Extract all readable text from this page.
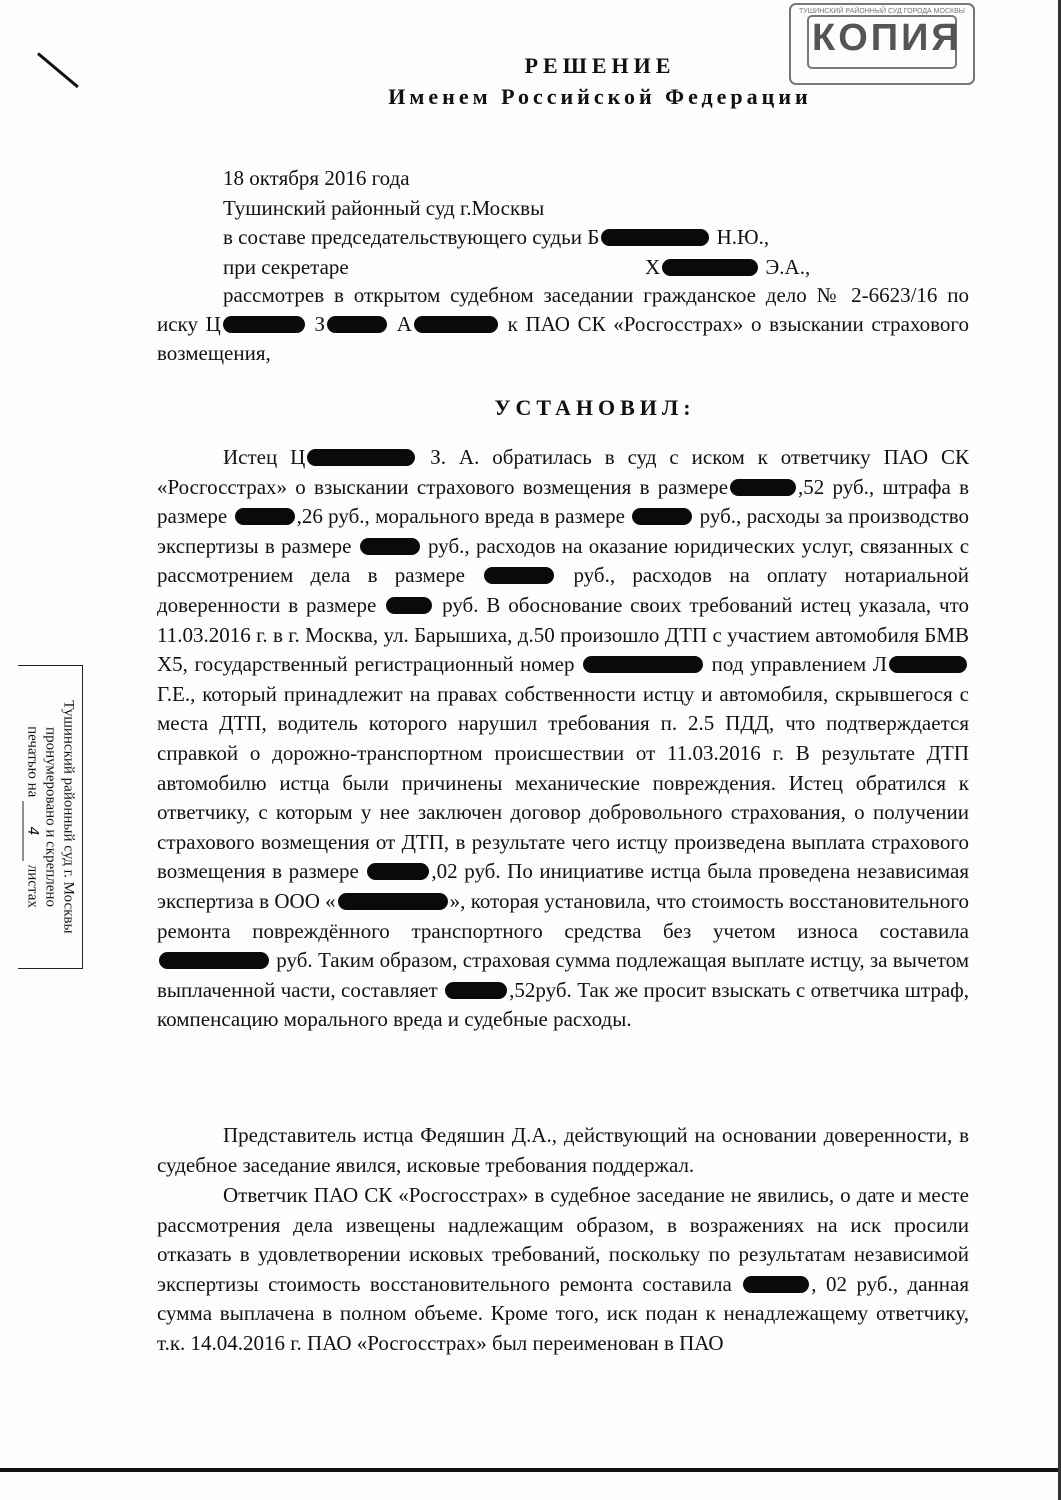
ТУШИНСКИЙ РАЙОННЫЙ СУД ГОРОДА МОСКВЫ
КОПИЯ
РЕШЕНИЕ
Именем Российской Федерации
18 октября 2016 года
Тушинский районный суд г.Москвы
в составе председательствующего судьи Б	Н.Ю.,
при секретаре	Х	Э.А.,

рассмотрев в открытом судебном заседании гражданское дело № 2-6623/16 по иску Ц	З	А	к ПАО СК «Росгосстрах» о взыскании страхового возмещения,

УСТАНОВИЛ:

Истец Ц	З. А. обратилась в суд с иском к ответчику ПАО СК «Росгосстрах» о взыскании страхового возмещения в размере	,52 руб., штрафа в размере	,26 руб., морального вреда в размере	руб., расходы за производство экспертизы в размере	руб., расходов на оказание юридических услуг, связанных с рассмотрением дела в размере	руб., расходов на оплату нотариальной доверенности в размере	руб. В обоснование своих требований истец указала, что 11.03.2016 г. в г. Москва, ул. Барышиха, д.50 произошло ДТП с участием автомобиля БМВ Х5, государственный регистрационный номер	под управлением Л Г.Е., который принадлежит на правах собственности истцу и автомобиля, скрывшегося с места ДТП, водитель которого нарушил требования п. 2.5 ПДД, что подтверждается справкой о дорожно-транспортном происшествии от 11.03.2016 г. В результате ДТП автомобилю истца были причинены механические повреждения. Истец обратился к ответчику, с которым у нее заключен договор добровольного страхования, о получении страхового возмещения от ДТП, в результате чего истцу произведена выплата страхового возмещения в размере	,02 руб. По инициативе истца была проведена независимая экспертиза в ООО «	», которая установила, что стоимость восстановительного ремонта повреждённого транспортного средства без учетом износа составила  руб. Таким образом, страховая сумма подлежащая выплате истцу, за вычетом выплаченной части, составляет	,52руб. Так же просит взыскать с ответчика штраф, компенсацию морального вреда и судебные расходы.

Представитель истца Федяшин Д.А., действующий на основании доверенности, в судебное заседание явился, исковые требования поддержал.

Ответчик ПАО СК «Росгосстрах» в судебное заседание не явились, о дате и месте рассмотрения дела извещены надлежащим образом, в возражениях на иск просили отказать в удовлетворении исковых требований, поскольку по результатам независимой экспертизы стоимость восстановительного ремонта составила	, 02 руб., данная сумма выплачена в полном объеме. Кроме того, иск подан к ненадлежащему ответчику, т.к. 14.04.2016 г. ПАО «Росгосстрах» был переименован в ПАО

Тушинский районный суд г. Москвы
пронумеровано и скреплено
печатью на 4 листах
